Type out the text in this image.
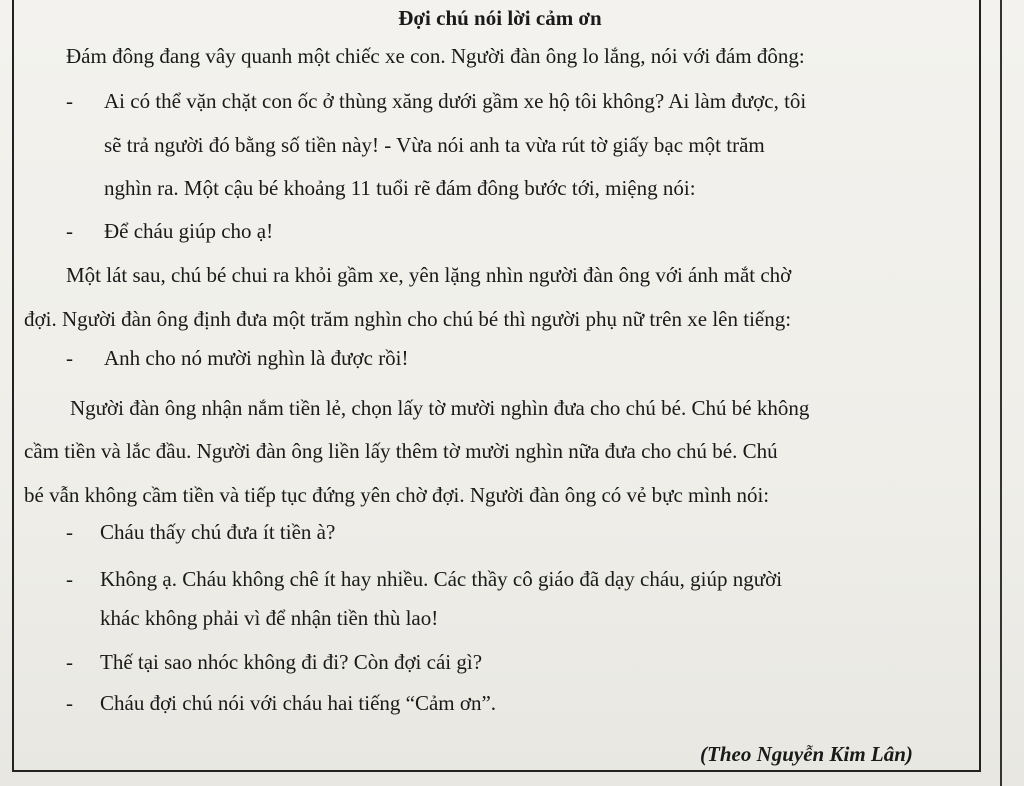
Đợi chú nói lời cảm ơn
Đám đông đang vây quanh một chiếc xe con. Người đàn ông lo lắng, nói với đám đông:
- Ai có thể vặn chặt con ốc ở thùng xăng dưới gầm xe hộ tôi không? Ai làm được, tôi
sẽ trả người đó bằng số tiền này! - Vừa nói anh ta vừa rút tờ giấy bạc một trăm
nghìn ra. Một cậu bé khoảng 11 tuổi rẽ đám đông bước tới, miệng nói:
- Để cháu giúp cho ạ!
Một lát sau, chú bé chui ra khỏi gầm xe, yên lặng nhìn người đàn ông với ánh mắt chờ
đợi. Người đàn ông định đưa một trăm nghìn cho chú bé thì người phụ nữ trên xe lên tiếng:
- Anh cho nó mười nghìn là được rồi!
Người đàn ông nhận nắm tiền lẻ, chọn lấy tờ mười nghìn đưa cho chú bé. Chú bé không
cầm tiền và lắc đầu. Người đàn ông liền lấy thêm tờ mười nghìn nữa đưa cho chú bé. Chú
bé vẫn không cầm tiền và tiếp tục đứng yên chờ đợi. Người đàn ông có vẻ bực mình nói:
- Cháu thấy chú đưa ít tiền à?
- Không ạ. Cháu không chê ít hay nhiều. Các thầy cô giáo đã dạy cháu, giúp người
khác không phải vì để nhận tiền thù lao!
- Thế tại sao nhóc không đi đi? Còn đợi cái gì?
- Cháu đợi chú nói với cháu hai tiếng “Cảm ơn”.
(Theo Nguyễn Kim Lân)
